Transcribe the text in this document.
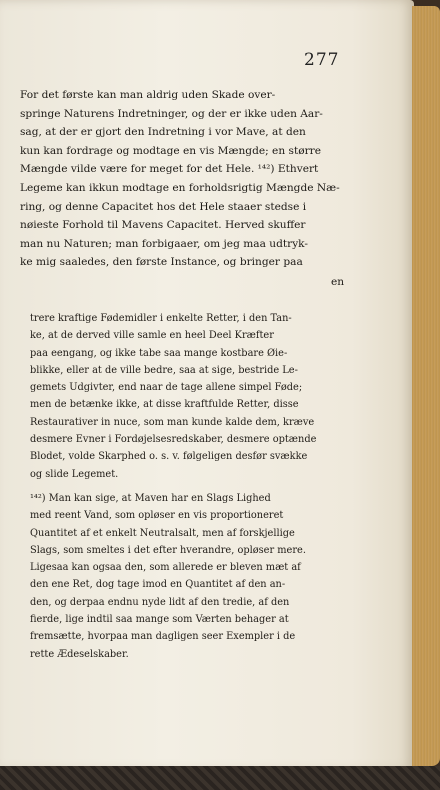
277
For det første kan man aldrig uden Skade over-
springe Naturens Indretninger, og der er ikke uden Aar-
sag, at der er gjort den Indretning i vor Mave, at den
kun kan fordrage og modtage en vis Mængde; en større
Mængde vilde være for meget for det Hele. ¹⁴²) Ethvert
Legeme kan ikkun modtage en forholdsrigtig Mængde Næ-
ring, og denne Capacitet hos det Hele staaer stedse i
nøieste Forhold til Mavens Capacitet. Herved skuffer
man nu Naturen; man forbigaaer, om jeg maa udtryk-
ke mig saaledes, den første Instance, og bringer paa
en
trere kraftige Fødemidler i enkelte Retter, i den Tan-
ke, at de derved ville samle en heel Deel Kræfter
paa eengang, og ikke tabe saa mange kostbare Øie-
blikke, eller at de ville bedre, saa at sige, bestride Le-
gemets Udgivter, end naar de tage allene simpel Føde;
men de betænke ikke, at disse kraftfulde Retter, disse
Restaurativer in nuce, som man kunde kalde dem, kræve
desmere Evner i Fordøjelsesredskaber, desmere optænde
Blodet, volde Skarphed o. s. v. følgeligen desfør svække
og slide Legemet.
¹⁴²) Man kan sige, at Maven har en Slags Lighed
med reent Vand, som opløser en vis proportioneret
Quantitet af et enkelt Neutralsalt, men af forskjellige
Slags, som smeltes i det efter hverandre, opløser mere.
Ligesaa kan ogsaa den, som allerede er bleven mæt af
den ene Ret, dog tage imod en Quantitet af den an-
den, og derpaa endnu nyde lidt af den tredie, af den
fierde, lige indtil saa mange som Værten behager at
fremsætte, hvorpaa man dagligen seer Exempler i de
rette Ædeselskaber.
